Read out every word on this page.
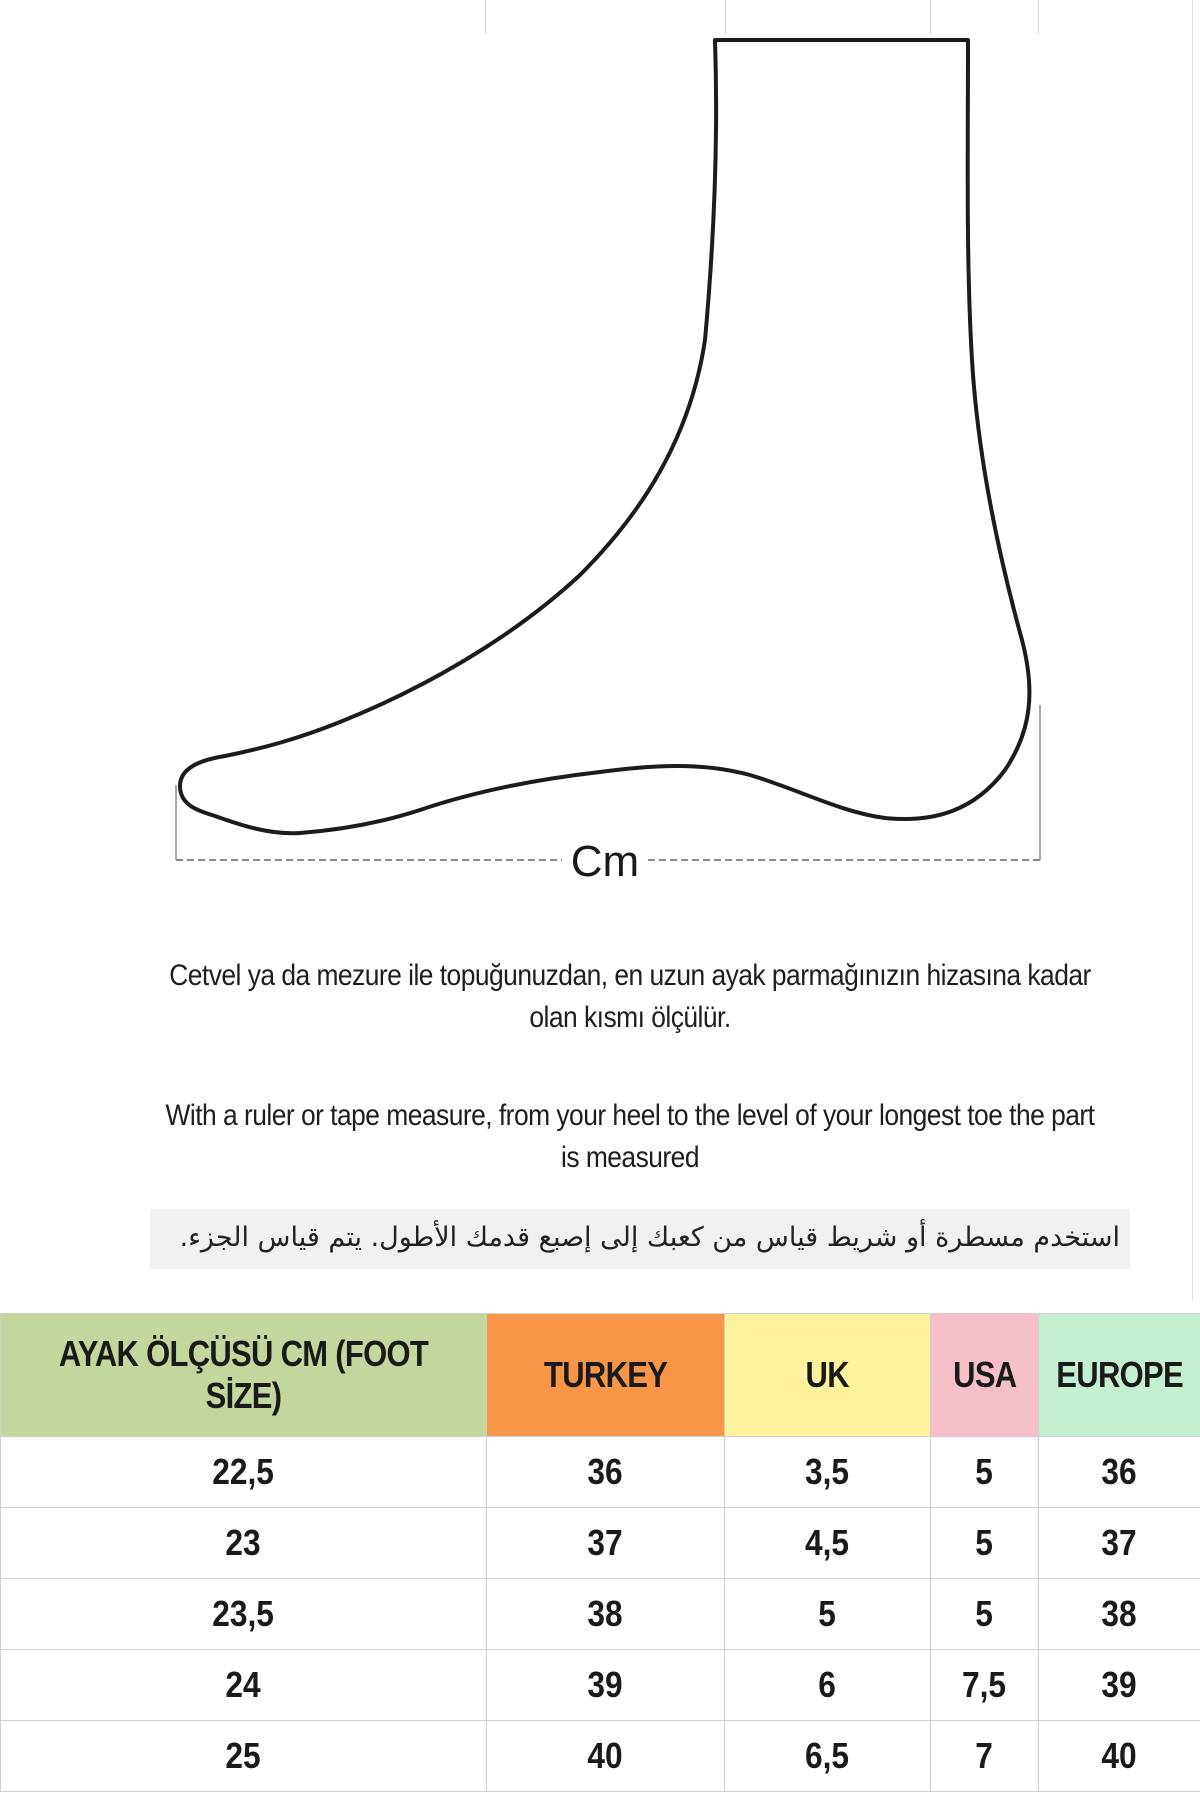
Cm
Cetvel ya da mezure ile topuğunuzdan, en uzun ayak parmağınızın hizasına kadar olan kısmı ölçülür.
With a ruler or tape measure, from your heel to the level of your longest toe the part is measured
استخدم مسطرة أو شريط قياس من كعبك إلى إصبع قدمك الأطول. يتم قياس الجزء.
AYAK ÖLÇÜSÜ CM (FOOT SİZE)	TURKEY	UK	USA	EUROPE
22,5	36	3,5	5	36
23	37	4,5	5	37
23,5	38	5	5	38
24	39	6	7,5	39
25	40	6,5	7	40
